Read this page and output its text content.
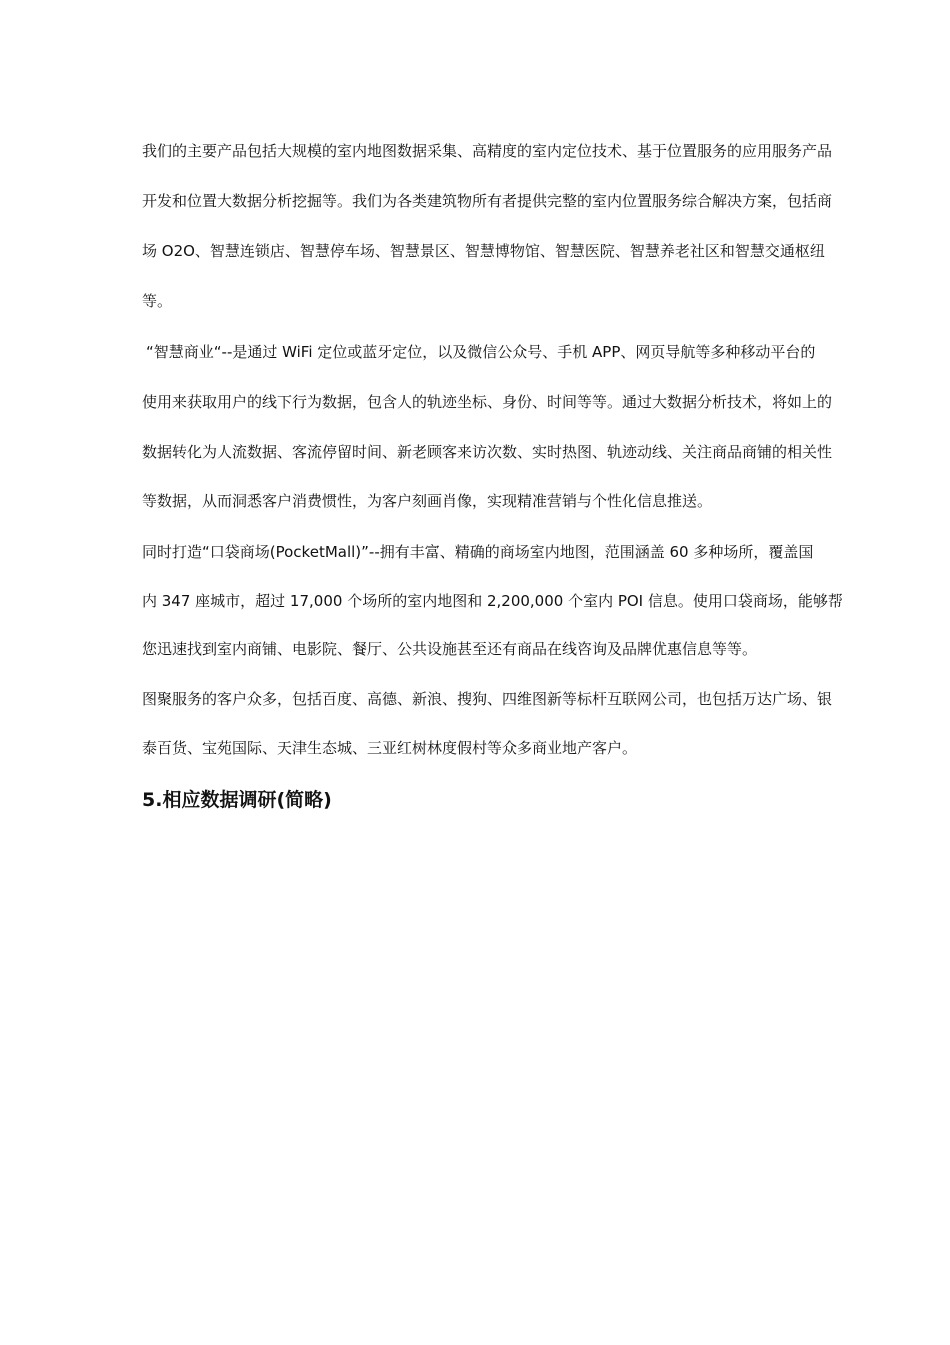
我们的主要产品包括大规模的室内地图数据采集、高精度的室内定位技术、基于位置服务的应用服务产品
开发和位置大数据分析挖掘等。我们为各类建筑物所有者提供完整的室内位置服务综合解决方案，包括商
场 O2O、智慧连锁店、智慧停车场、智慧景区、智慧博物馆、智慧医院、智慧养老社区和智慧交通枢纽
等。
“智慧商业“--是通过 WiFi 定位或蓝牙定位，以及微信公众号、手机 APP、网页导航等多种移动平台的
使用来获取用户的线下行为数据，包含人的轨迹坐标、身份、时间等等。通过大数据分析技术，将如上的
数据转化为人流数据、客流停留时间、新老顾客来访次数、实时热图、轨迹动线、关注商品商铺的相关性
等数据，从而洞悉客户消费惯性，为客户刻画肖像，实现精准营销与个性化信息推送。
同时打造“口袋商场(PocketMall)”--拥有丰富、精确的商场室内地图，范围涵盖 60 多种场所，覆盖国
内 347 座城市，超过 17,000 个场所的室内地图和 2,200,000 个室内 POI 信息。使用口袋商场，能够帮
您迅速找到室内商铺、电影院、餐厅、公共设施甚至还有商品在线咨询及品牌优惠信息等等。
图聚服务的客户众多，包括百度、高德、新浪、搜狗、四维图新等标杆互联网公司，也包括万达广场、银
泰百货、宝苑国际、天津生态城、三亚红树林度假村等众多商业地产客户。
5.相应数据调研(简略)
